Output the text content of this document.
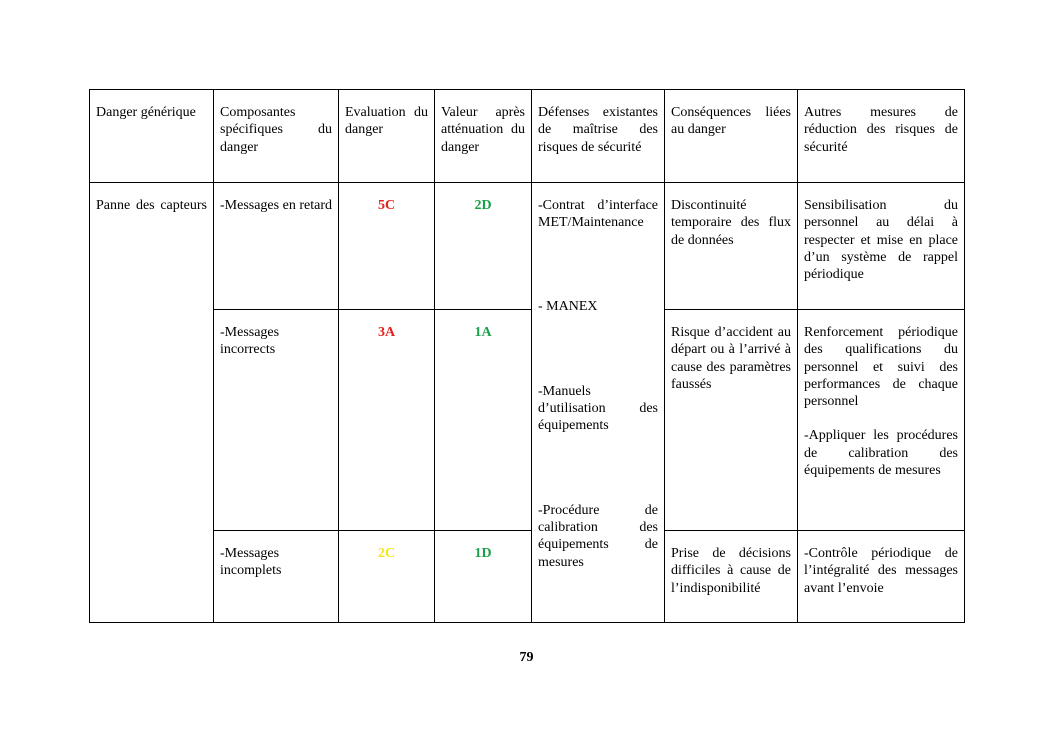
Danger générique	Composantes spécifiques du danger	Evaluation du danger	Valeur après atténuation du danger	Défenses existantes de maîtrise des risques de sécurité	Conséquences liées au danger	Autres mesures de réduction des risques de sécurité
Panne des capteurs	-Messages en retard	5C	2D	-Contrat d’interface MET/Maintenance
- MANEX
-Manuels d’utilisation des équipements
-Procédure de calibration des équipements de mesures	Discontinuité temporaire des flux de données	Sensibilisation du personnel au délai à respecter et mise en place d’un système de rappel périodique

	-Messages incorrects	3A	1A		Risque d’accident au départ ou à l’arrivé à cause des paramètres faussés	Renforcement périodique des qualifications du personnel et suivi des performances de chaque personnel
-Appliquer les procédures de calibration des équipements de mesures

	-Messages incomplets	2C	1D		Prise de décisions difficiles à cause de l’indisponibilité	-Contrôle périodique de l’intégralité des messages avant l’envoie
79
